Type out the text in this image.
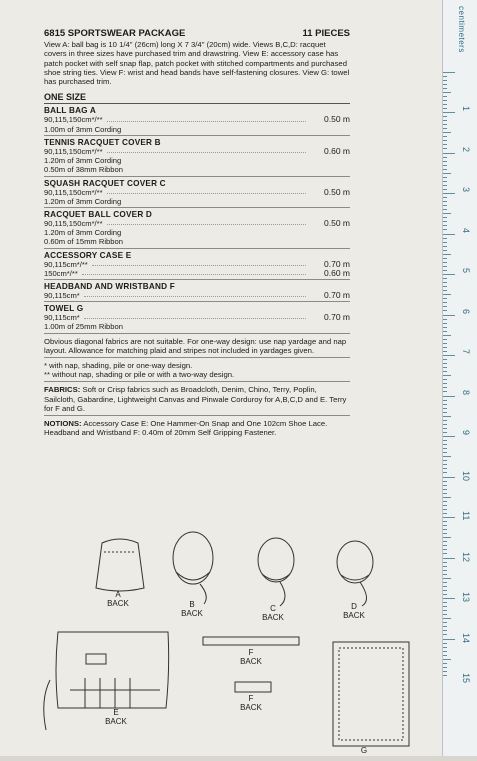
6815 SPORTSWEAR PACKAGE	11 PIECES
View A: ball bag is 10 1/4" (26cm) long X 7 3/4" (20cm) wide. Views B,C,D: racquet covers in three sizes have purchased trim and drawstring. View E: accessory case has patch pocket with self snap flap, patch pocket with stitched compartments and purchased shoe string ties. View F: wrist and head bands have self-fastening closures. View G: towel has purchased trim.
ONE SIZE
BALL BAG A
90,115,150cm*/**	0.50 m
1.00m of 3mm Cording
TENNIS RACQUET COVER B
90,115,150cm*/**	0.60 m
1.20m of 3mm Cording
0.50m of 38mm Ribbon
SQUASH RACQUET COVER C
90,115,150cm*/**	0.50 m
1.20m of 3mm Cording
RACQUET BALL COVER D
90,115,150cm*/**	0.50 m
1.20m of 3mm Cording
0.60m of 15mm Ribbon
ACCESSORY CASE E
90,115cm*/**	0.70 m
150cm*/**	0.60 m
HEADBAND AND WRISTBAND F
90,115cm*	0.70 m
TOWEL G
90,115cm*	0.70 m
1.00m of 25mm Ribbon
Obvious diagonal fabrics are not suitable. For one-way design: use nap yardage and nap layout. Allowance for matching plaid and stripes not included in yardages given.
* with nap, shading, pile or one-way design.
** without nap, shading or pile or with a two-way design.
FABRICS: Soft or Crisp fabrics such as Broadcloth, Denim, Chino, Terry, Poplin, Sailcloth, Gabardine, Lightweight Canvas and Pinwale Corduroy for A,B,C,D and E. Terry for F and G.
NOTIONS: Accessory Case E: One Hammer-On Snap and One 102cm Shoe Lace. Headband and Wristband F: 0.40m of 20mm Self Gripping Fastener.
A
BACK	B
BACK
C
BACK
D
BACK
E
BACK
F
BACK
F
BACK
G
centimeters
1
2
3
4
5
6
7
8
9
10
11
12
13
14
15
